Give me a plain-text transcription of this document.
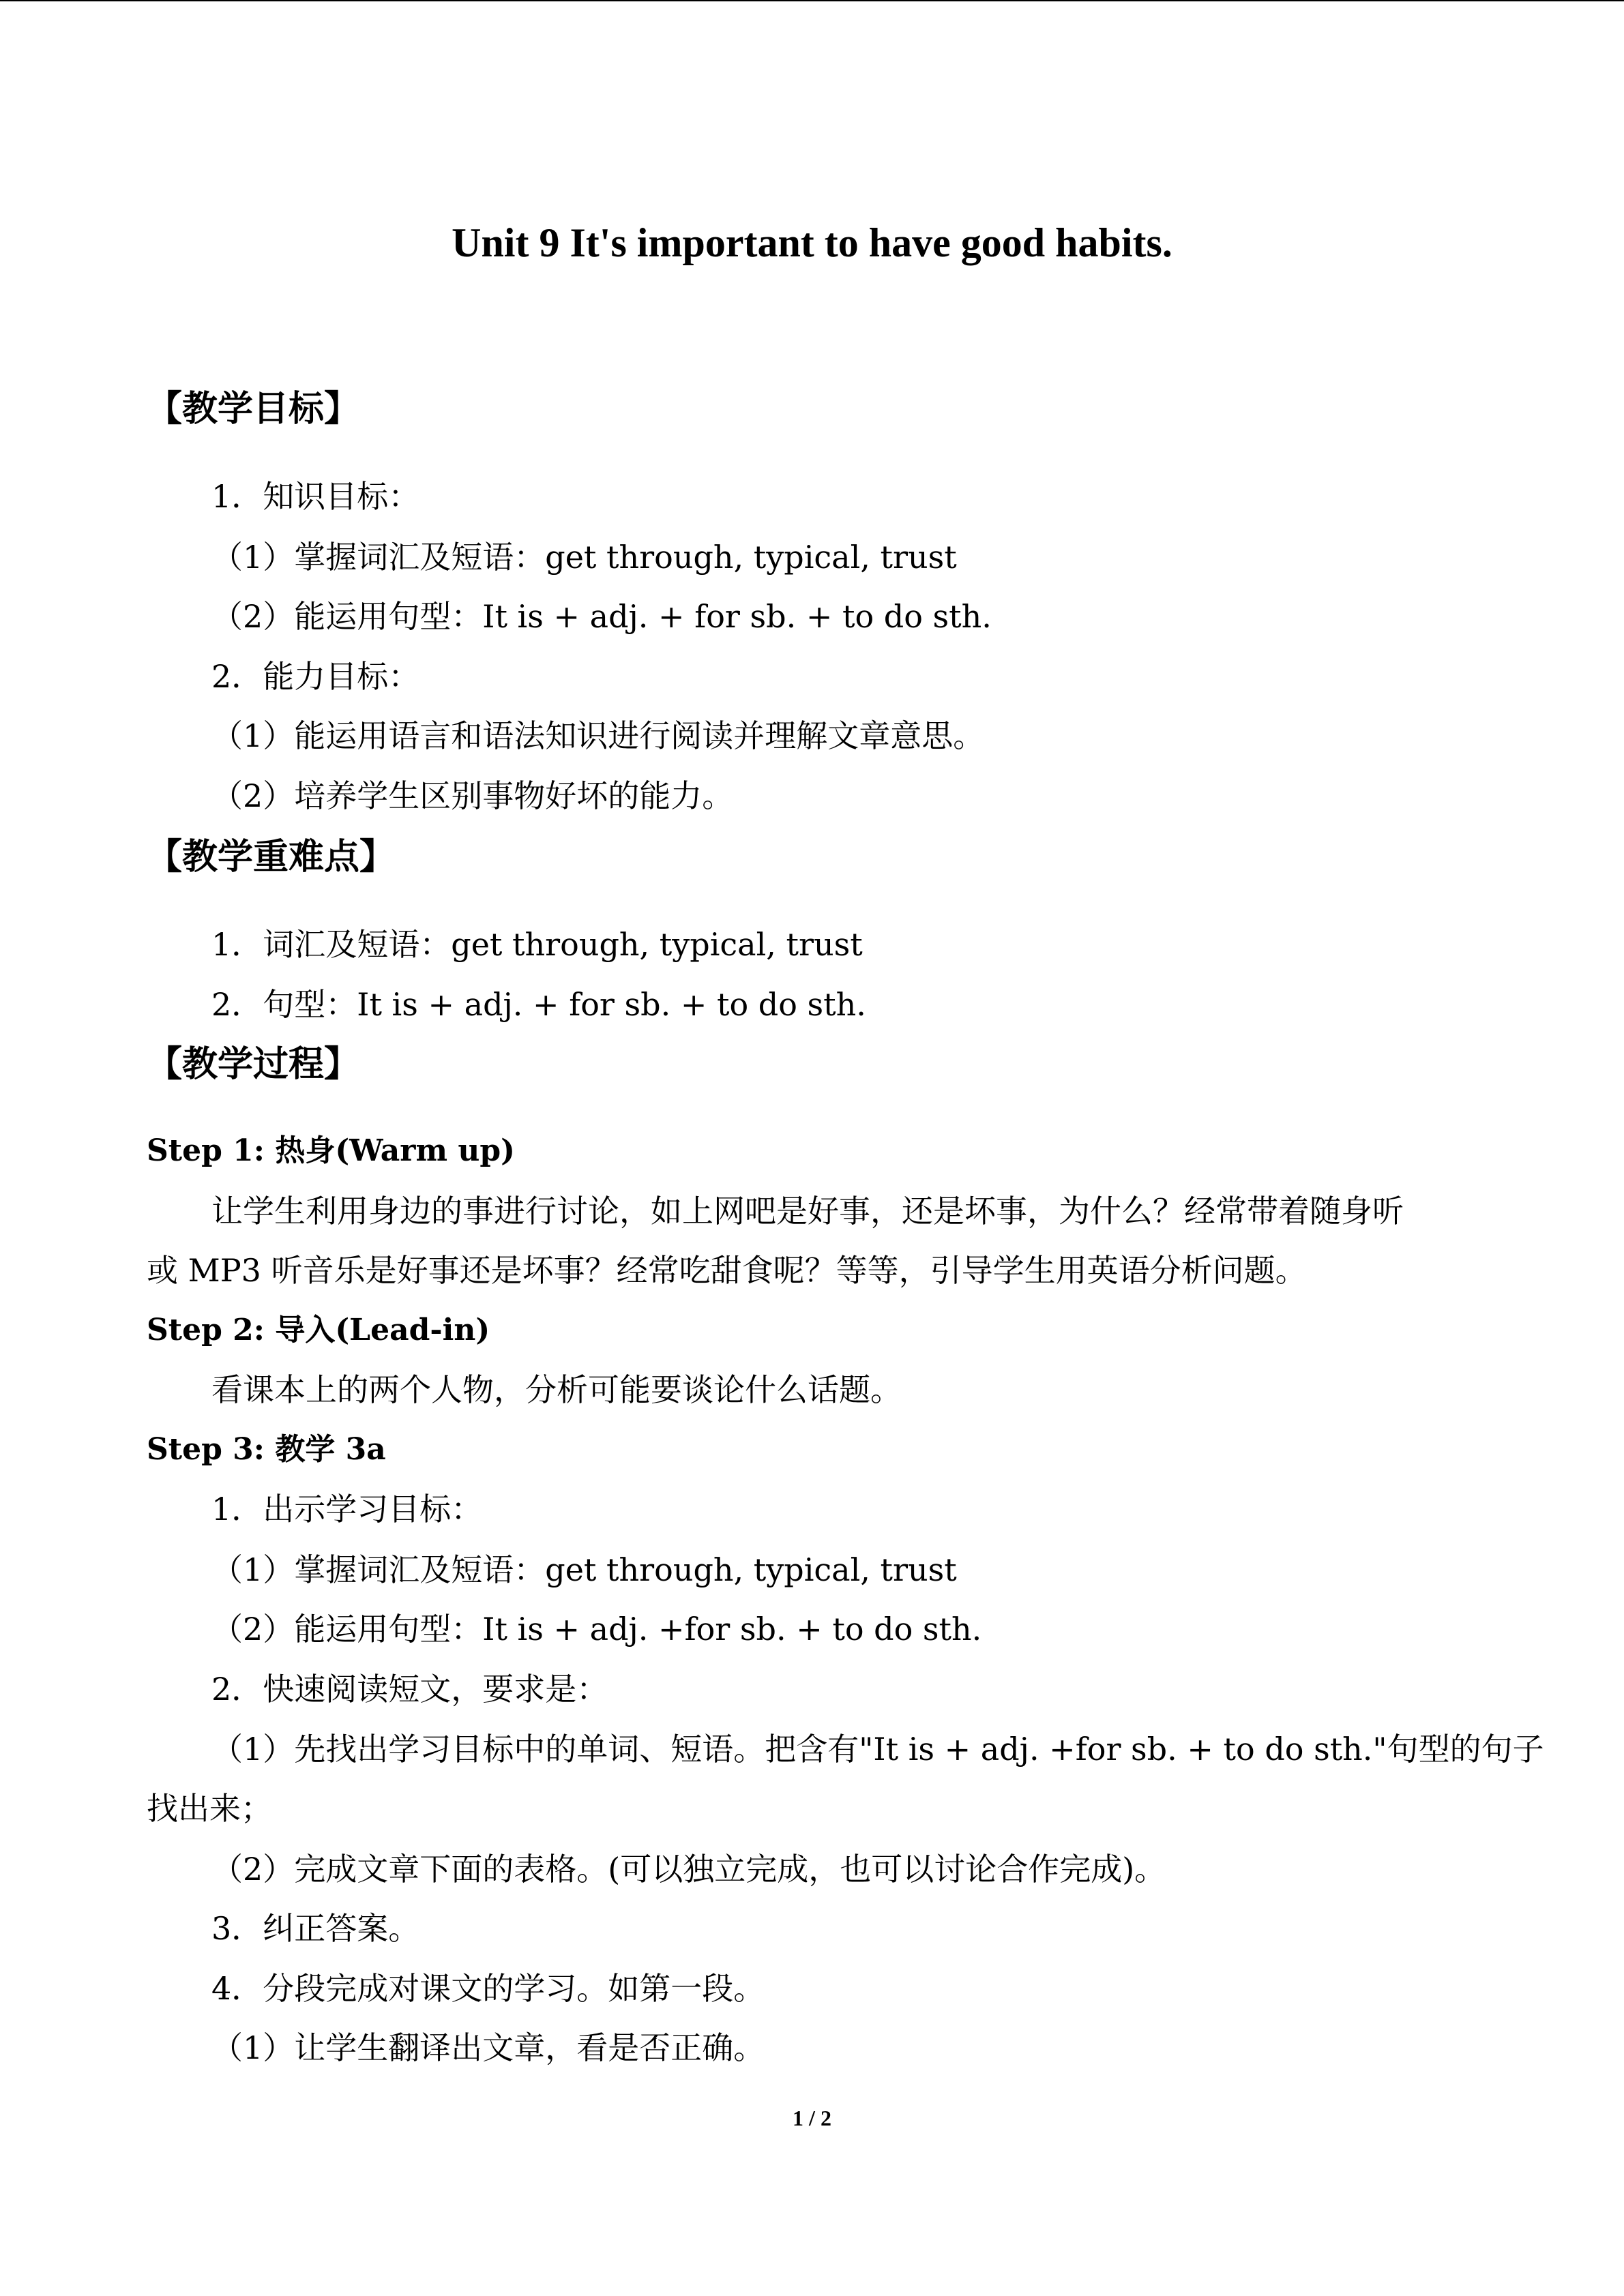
Unit 9 It's important to have good habits.
【教学目标】
1．知识目标：
（1）掌握词汇及短语：get through, typical, trust
（2）能运用句型：It is + adj. + for sb. + to do sth.
2．能力目标：
（1）能运用语言和语法知识进行阅读并理解文章意思。
（2）培养学生区别事物好坏的能力。
【教学重难点】
1．词汇及短语：get through, typical, trust
2．句型：It is + adj. + for sb. + to do sth.
【教学过程】
Step 1: 热身(Warm up)
让学生利用身边的事进行讨论，如上网吧是好事，还是坏事，为什么？经常带着随身听
或 MP3 听音乐是好事还是坏事？经常吃甜食呢？等等，引导学生用英语分析问题。
Step 2: 导入(Lead-in)
看课本上的两个人物，分析可能要谈论什么话题。
Step 3: 教学 3a
1．出示学习目标：
（1）掌握词汇及短语：get through, typical, trust
（2）能运用句型：It is + adj. +for sb. + to do sth.
2．快速阅读短文，要求是：
（1）先找出学习目标中的单词、短语。把含有"It is + adj. +for sb. + to do sth."句型的句子
找出来；
（2）完成文章下面的表格。(可以独立完成，也可以讨论合作完成)。
3．纠正答案。
4．分段完成对课文的学习。如第一段。
（1）让学生翻译出文章，看是否正确。
1 / 2
